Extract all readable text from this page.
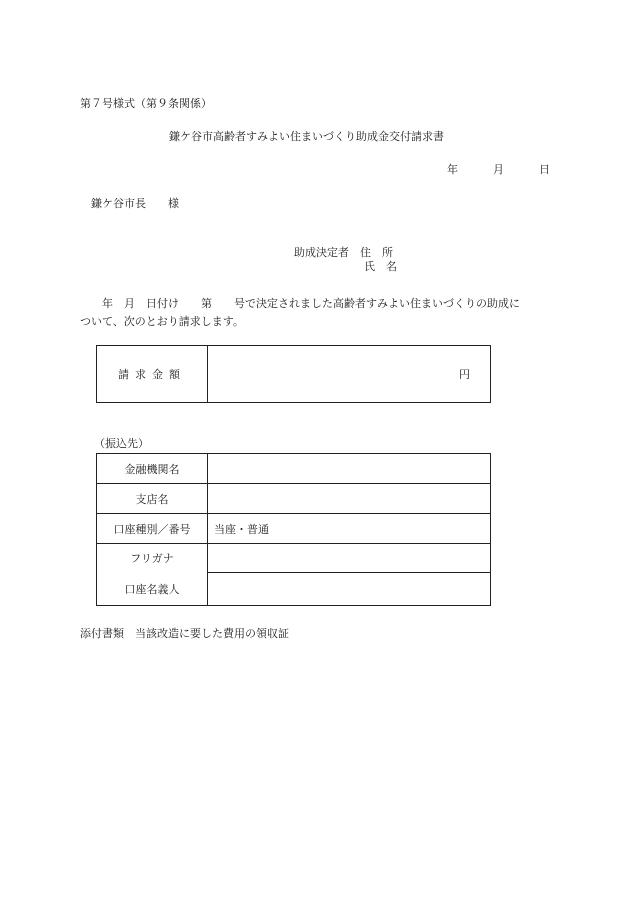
第７号様式（第９条関係）
鎌ケ谷市高齢者すみよい住まいづくり助成金交付請求書
年	月	日
鎌ケ谷市長　　様
助成決定者　住　所
氏　名

　　年　月　日付け　　第　　号で決定されました高齢者すみよい住まいづくりの助成に

ついて、次のとおり請求します。

請求金額	円
（振込先）
金融機関名	
支店名	
口座種別／番号	当座・普通
フリガナ	
口座名義人	
添付書類　当該改造に要した費用の領収証
